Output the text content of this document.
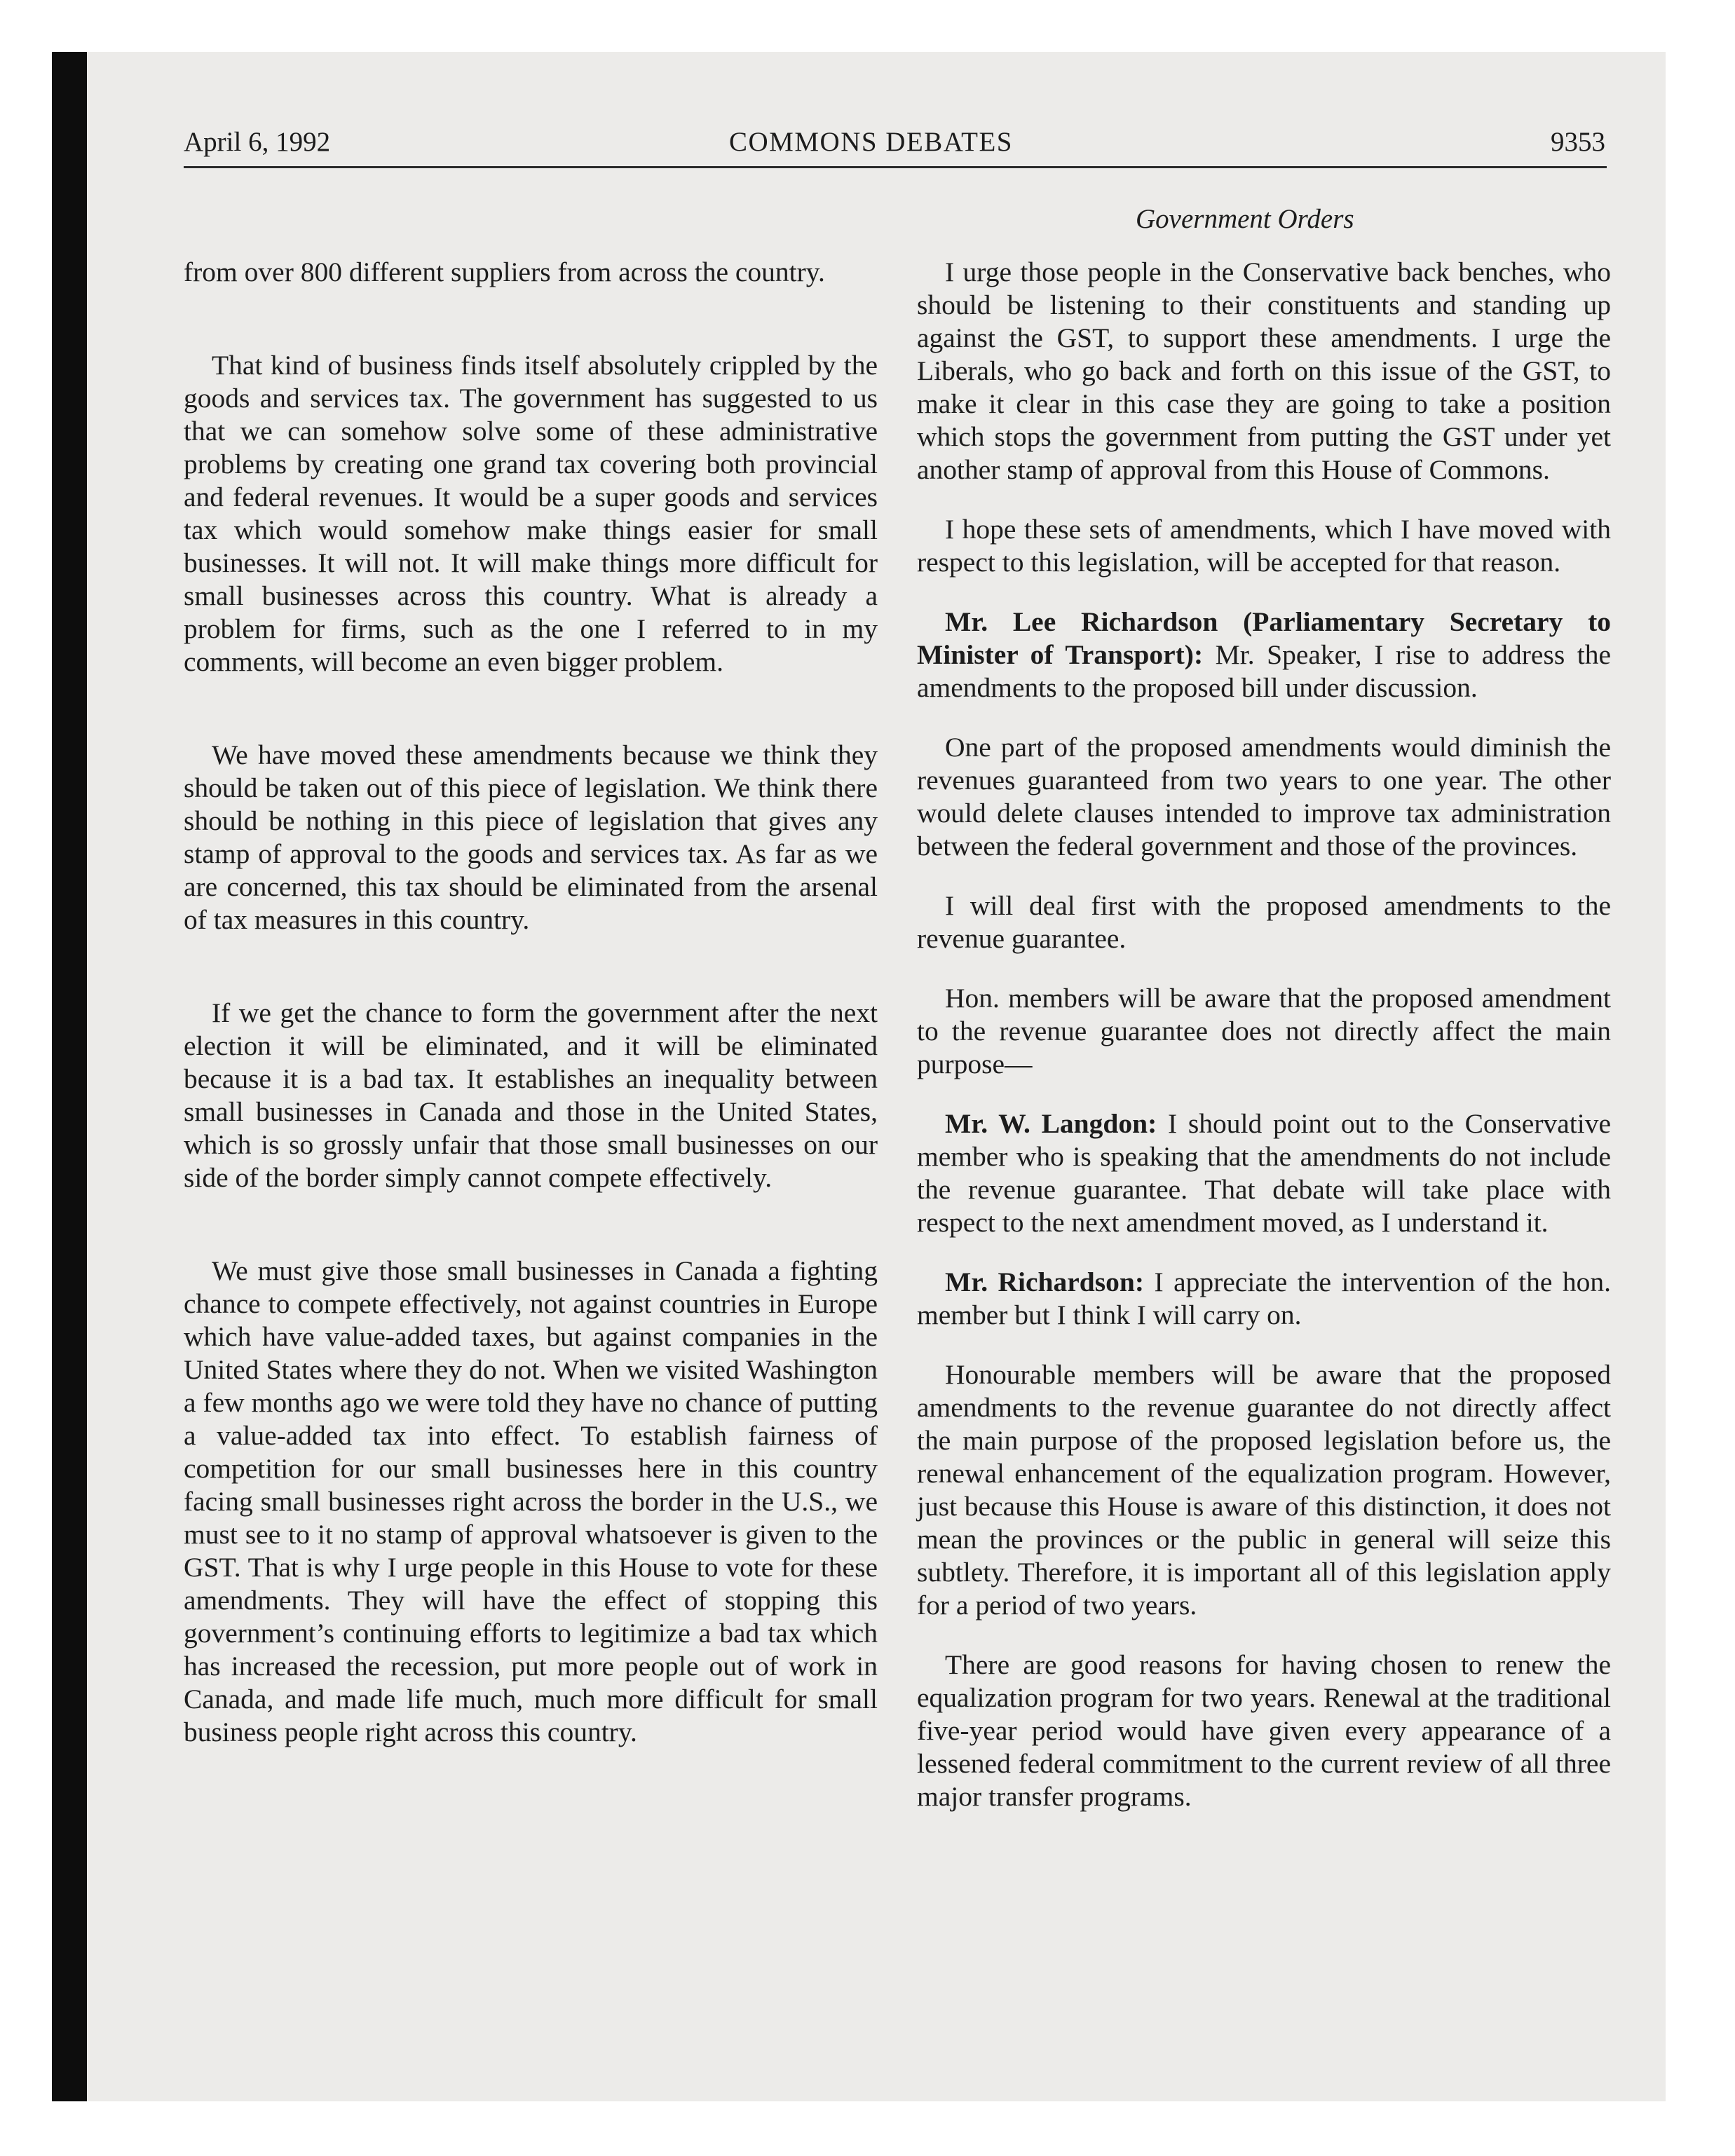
April 6, 1992	COMMONS DEBATES	9353
Government Orders

from over 800 different suppliers from across the country.

That kind of business finds itself absolutely crippled by the goods and services tax. The government has suggested to us that we can somehow solve some of these administrative problems by creating one grand tax covering both provincial and federal revenues. It would be a super goods and services tax which would somehow make things easier for small businesses. It will not. It will make things more difficult for small businesses across this country. What is already a problem for firms, such as the one I referred to in my comments, will become an even bigger problem.

We have moved these amendments because we think they should be taken out of this piece of legislation. We think there should be nothing in this piece of legislation that gives any stamp of approval to the goods and services tax. As far as we are concerned, this tax should be eliminated from the arsenal of tax measures in this country.

If we get the chance to form the government after the next election it will be eliminated, and it will be eliminated because it is a bad tax. It establishes an inequality between small businesses in Canada and those in the United States, which is so grossly unfair that those small businesses on our side of the border simply cannot compete effectively.

We must give those small businesses in Canada a fighting chance to compete effectively, not against countries in Europe which have value-added taxes, but against companies in the United States where they do not. When we visited Washington a few months ago we were told they have no chance of putting a value-added tax into effect. To establish fairness of competition for our small businesses here in this country facing small businesses right across the border in the U.S., we must see to it no stamp of approval whatsoever is given to the GST. That is why I urge people in this House to vote for these amendments. They will have the effect of stopping this government’s continuing efforts to legitimize a bad tax which has increased the recession, put more people out of work in Canada, and made life much, much more difficult for small business people right across this country.

I urge those people in the Conservative back benches, who should be listening to their constituents and standing up against the GST, to support these amendments. I urge the Liberals, who go back and forth on this issue of the GST, to make it clear in this case they are going to take a position which stops the government from putting the GST under yet another stamp of approval from this House of Commons.

I hope these sets of amendments, which I have moved with respect to this legislation, will be accepted for that reason.

Mr. Lee Richardson (Parliamentary Secretary to Minister of Transport): Mr. Speaker, I rise to address the amendments to the proposed bill under discussion.

One part of the proposed amendments would diminish the revenues guaranteed from two years to one year. The other would delete clauses intended to improve tax administration between the federal government and those of the provinces.

I will deal first with the proposed amendments to the revenue guarantee.

Hon. members will be aware that the proposed amendment to the revenue guarantee does not directly affect the main purpose—

Mr. W. Langdon: I should point out to the Conservative member who is speaking that the amendments do not include the revenue guarantee. That debate will take place with respect to the next amendment moved, as I understand it.

Mr. Richardson: I appreciate the intervention of the hon. member but I think I will carry on.

Honourable members will be aware that the proposed amendments to the revenue guarantee do not directly affect the main purpose of the proposed legislation before us, the renewal enhancement of the equalization program. However, just because this House is aware of this distinction, it does not mean the provinces or the public in general will seize this subtlety. Therefore, it is important all of this legislation apply for a period of two years.

There are good reasons for having chosen to renew the equalization program for two years. Renewal at the traditional five-year period would have given every appearance of a lessened federal commitment to the current review of all three major transfer programs.
